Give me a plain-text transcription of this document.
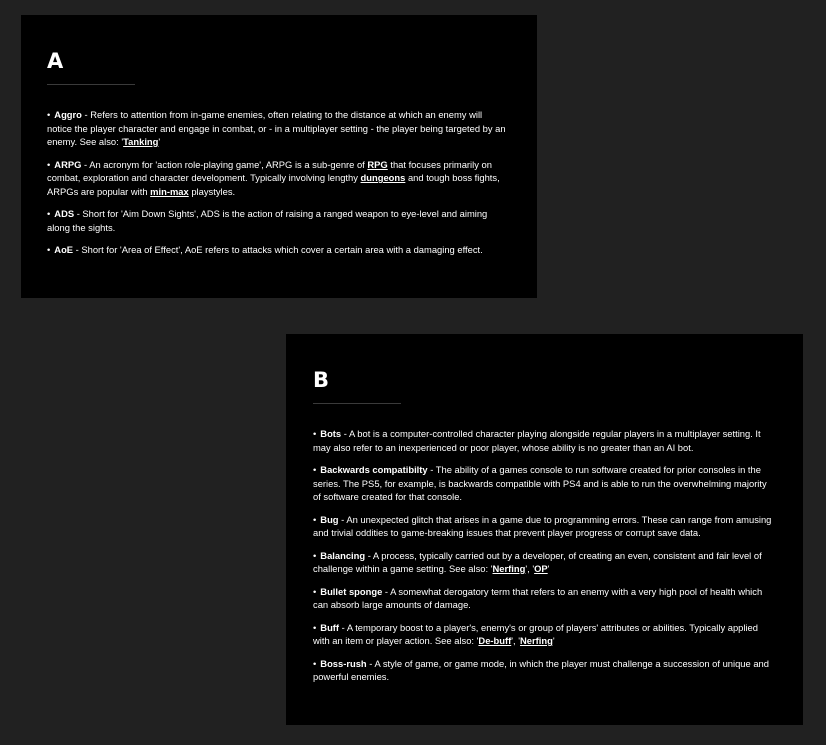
A
• Aggro - Refers to attention from in-game enemies, often relating to the distance at which an enemy will notice the player character and engage in combat, or - in a multiplayer setting - the player being targeted by an enemy. See also: 'Tanking'
• ARPG - An acronym for 'action role-playing game', ARPG is a sub-genre of RPG that focuses primarily on combat, exploration and character development. Typically involving lengthy dungeons and tough boss fights, ARPGs are popular with min-max playstyles.
• ADS - Short for 'Aim Down Sights', ADS is the action of raising a ranged weapon to eye-level and aiming along the sights.
• AoE - Short for 'Area of Effect', AoE refers to attacks which cover a certain area with a damaging effect.
B
• Bots - A bot is a computer-controlled character playing alongside regular players in a multiplayer setting. It may also refer to an inexperienced or poor player, whose ability is no greater than an AI bot.
• Backwards compatibilty - The ability of a games console to run software created for prior consoles in the series. The PS5, for example, is backwards compatible with PS4 and is able to run the overwhelming majority of software created for that console.
• Bug - An unexpected glitch that arises in a game due to programming errors. These can range from amusing and trivial oddities to game-breaking issues that prevent player progress or corrupt save data.
• Balancing - A process, typically carried out by a developer, of creating an even, consistent and fair level of challenge within a game setting. See also: 'Nerfing', 'OP'
• Bullet sponge - A somewhat derogatory term that refers to an enemy with a very high pool of health which can absorb large amounts of damage.
• Buff - A temporary boost to a player's, enemy's or group of players' attributes or abilities. Typically applied with an item or player action. See also: 'De-buff', 'Nerfing'
• Boss-rush - A style of game, or game mode, in which the player must challenge a succession of unique and powerful enemies.
